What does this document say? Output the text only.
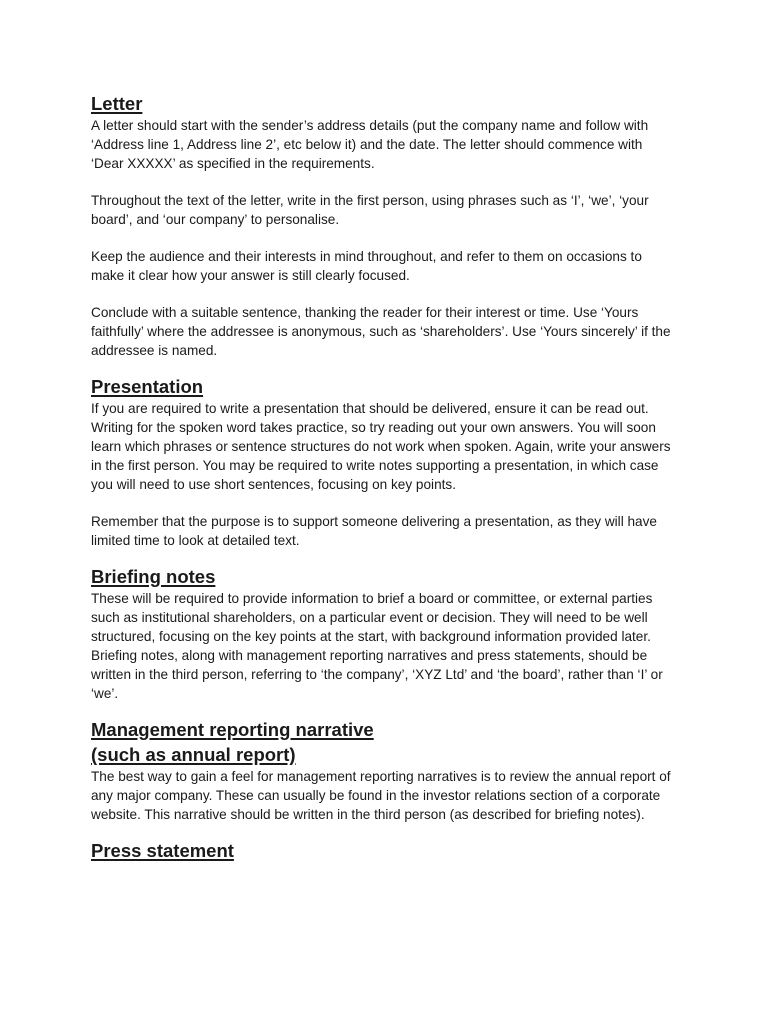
Letter

A letter should start with the sender’s address details (put the company name and follow with ‘Address line 1, Address line 2’, etc below it) and the date. The letter should commence with ‘Dear XXXXX’ as specified in the requirements.

Throughout the text of the letter, write in the first person, using phrases such as ‘I’, ‘we’, ‘your board’, and ‘our company’ to personalise.

Keep the audience and their interests in mind throughout, and refer to them on occasions to make it clear how your answer is still clearly focused.

Conclude with a suitable sentence, thanking the reader for their interest or time. Use ‘Yours faithfully’ where the addressee is anonymous, such as ‘shareholders’. Use ‘Yours sincerely’ if the addressee is named.

Presentation

If you are required to write a presentation that should be delivered, ensure it can be read out. Writing for the spoken word takes practice, so try reading out your own answers. You will soon learn which phrases or sentence structures do not work when spoken. Again, write your answers in the first person. You may be required to write notes supporting a presentation, in which case you will need to use short sentences, focusing on key points.

Remember that the purpose is to support someone delivering a presentation, as they will have limited time to look at detailed text.

Briefing notes

These will be required to provide information to brief a board or committee, or external parties such as institutional shareholders, on a particular event or decision. They will need to be well structured, focusing on the key points at the start, with background information provided later. Briefing notes, along with management reporting narratives and press statements, should be written in the third person, referring to ‘the company’, ‘XYZ Ltd’ and ‘the board’, rather than ‘I’ or ‘we’.

Management reporting narrative
(such as annual report)

The best way to gain a feel for management reporting narratives is to review the annual report of any major company. These can usually be found in the investor relations section of a corporate website. This narrative should be written in the third person (as described for briefing notes).

Press statement
